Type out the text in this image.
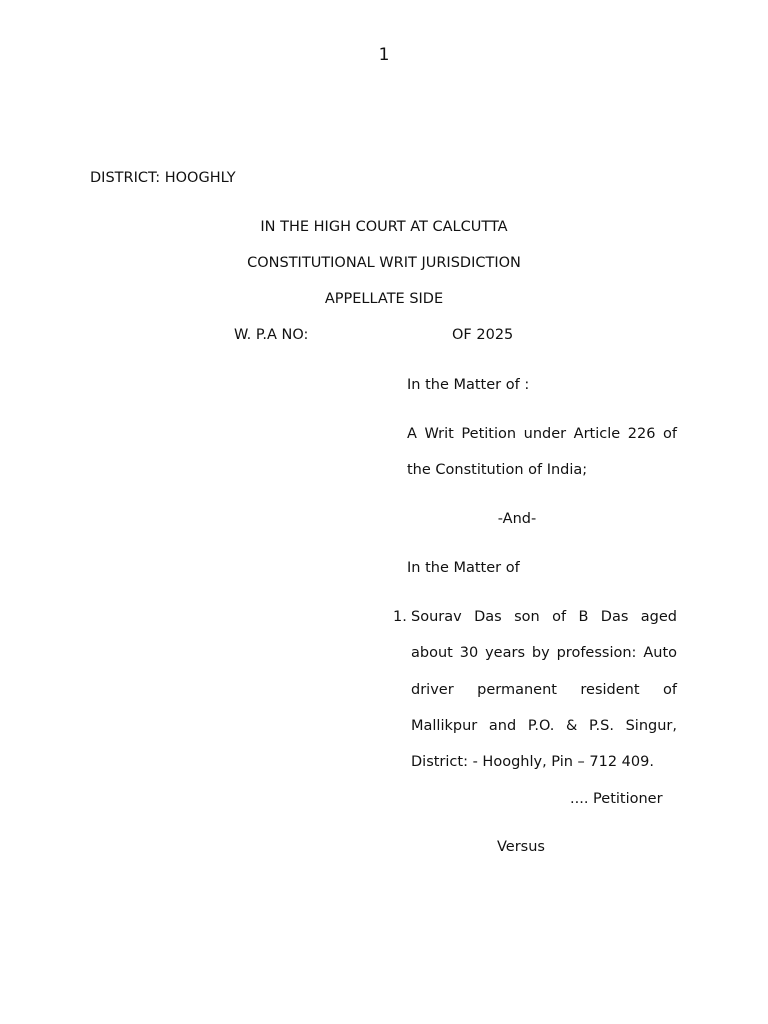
1
DISTRICT: HOOGHLY
IN THE HIGH COURT AT CALCUTTA
CONSTITUTIONAL WRIT JURISDICTION
APPELLATE SIDE
W. P.A NO:	OF 2025
In the Matter of :
A Writ Petition under Article 226 of
the Constitution of India;
-And-
In the Matter of
1. Sourav Das son of B Das aged
about 30 years by profession: Auto
driver permanent resident of
Mallikpur and P.O. & P.S. Singur,
District: - Hooghly, Pin – 712 409.
.... Petitioner
Versus
